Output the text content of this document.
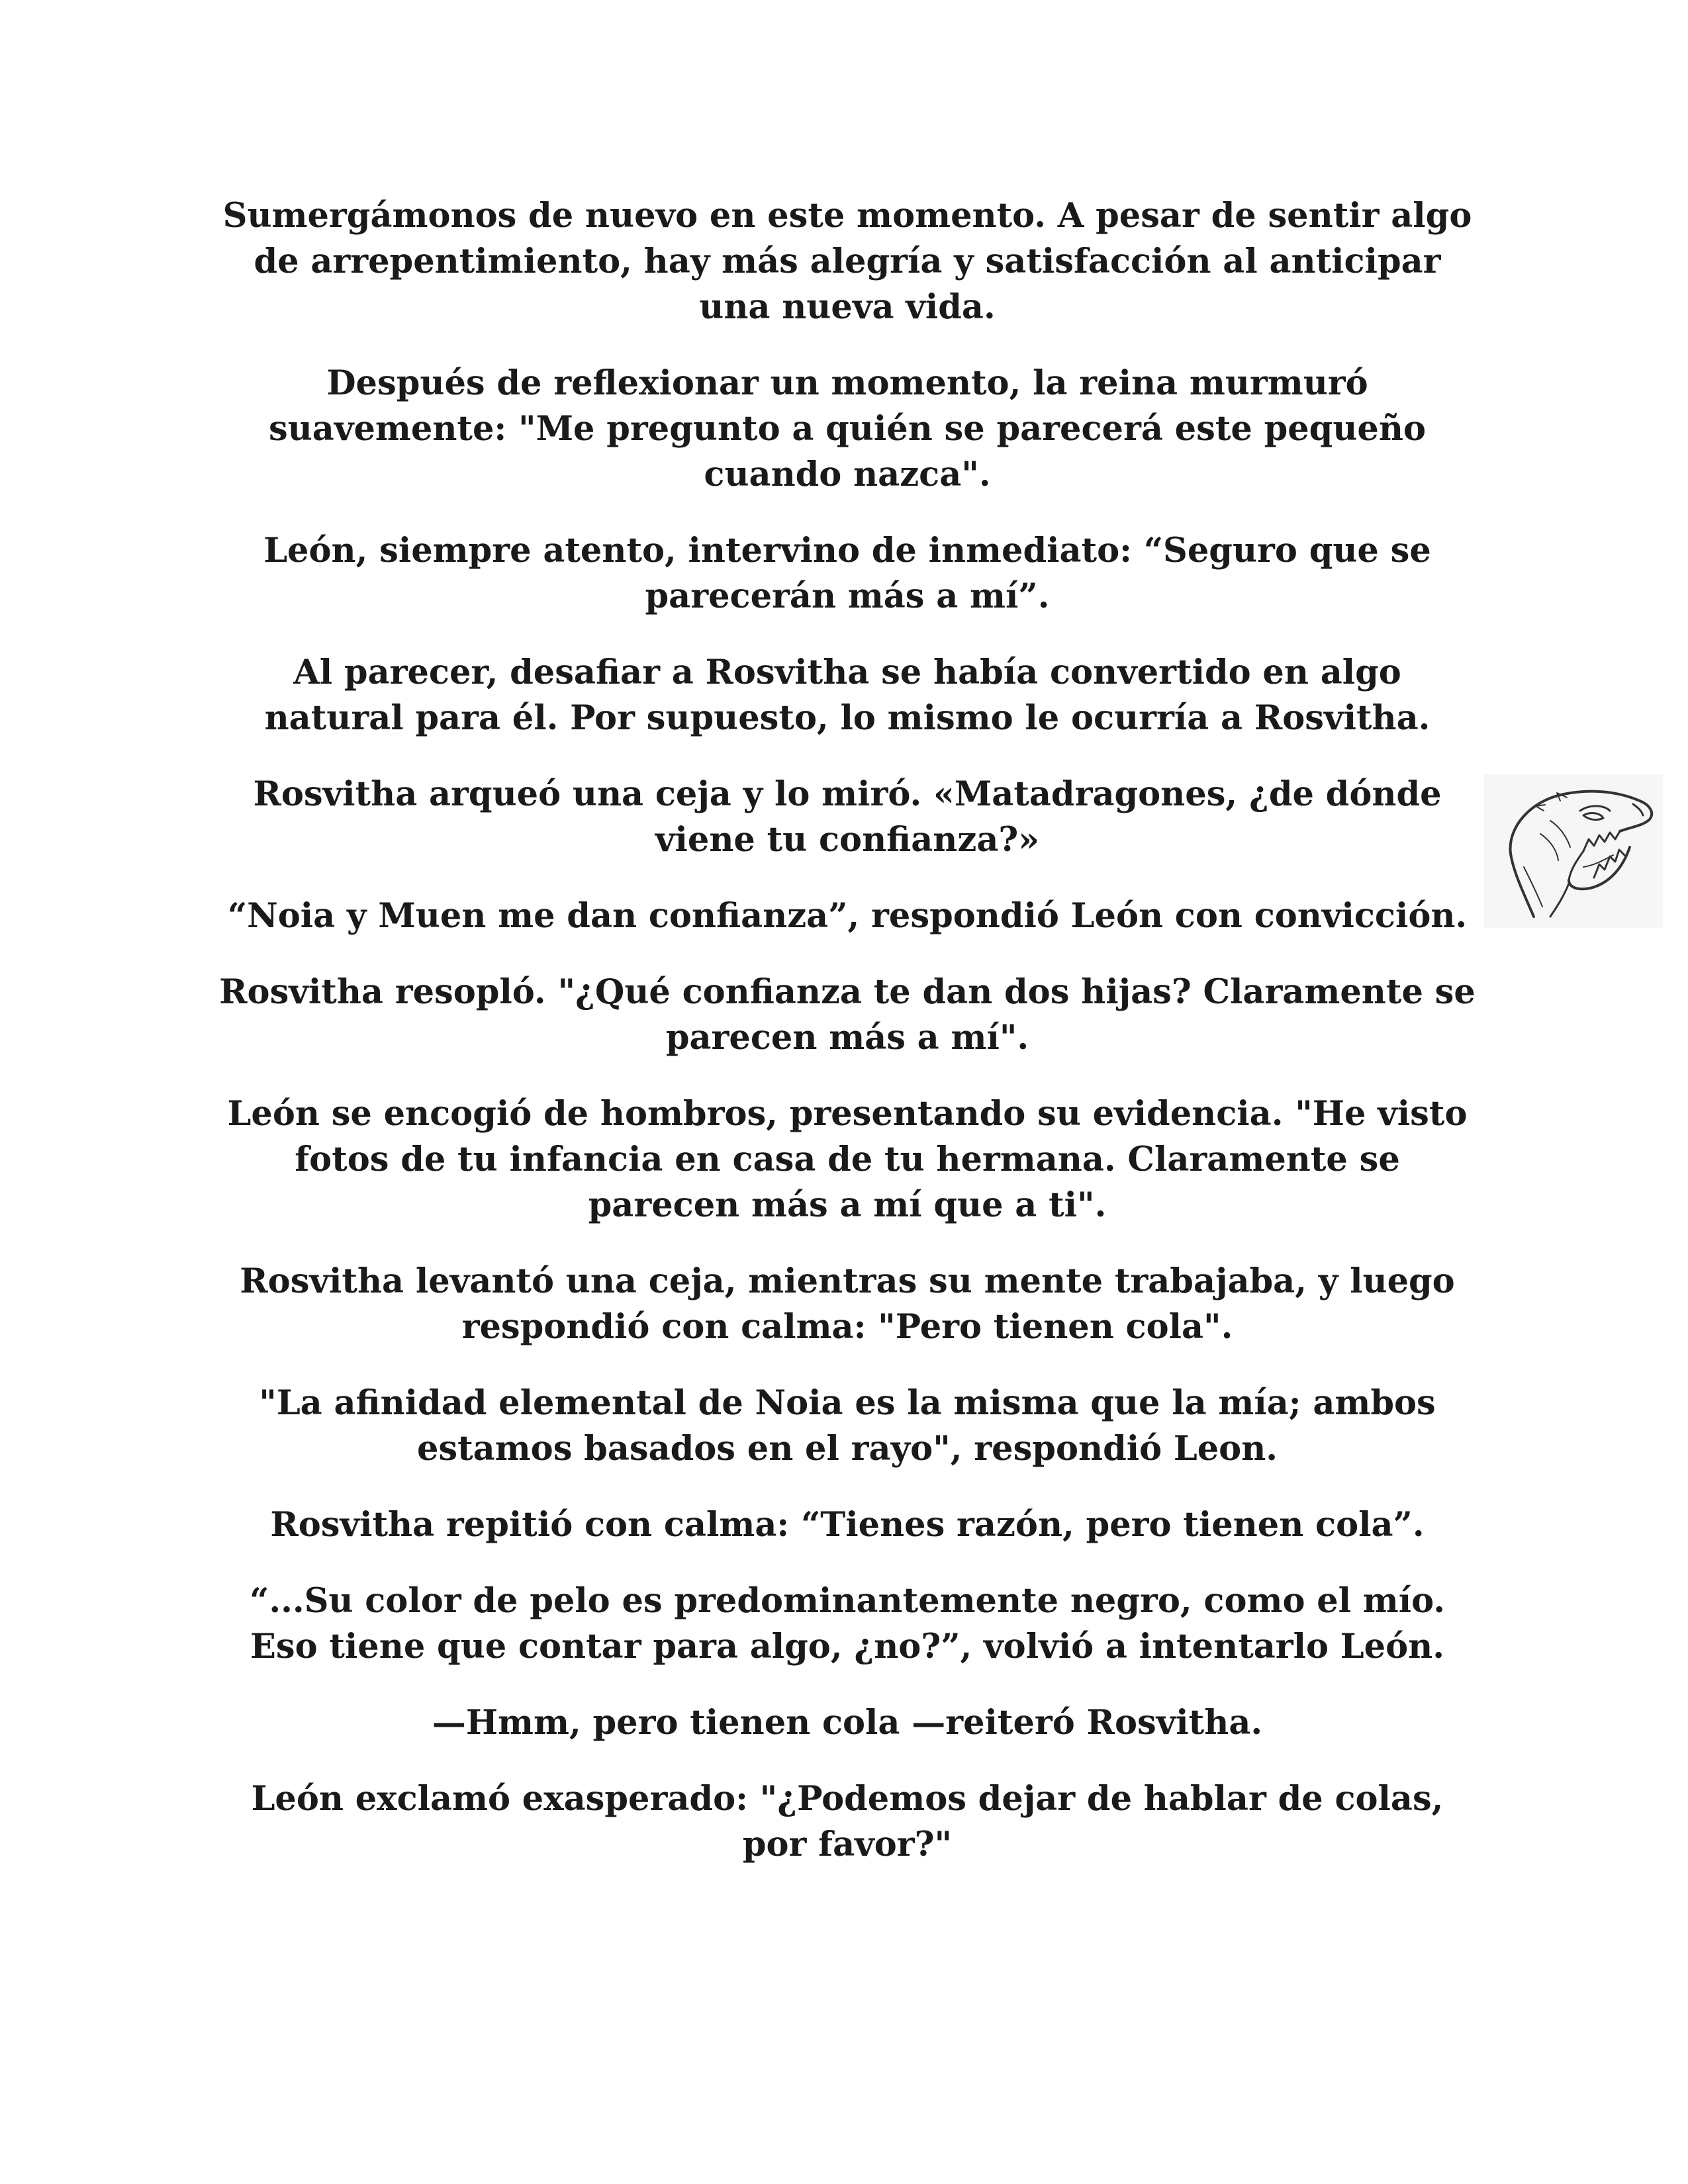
Sumergámonos de nuevo en este momento. A pesar de sentir algo de arrepentimiento, hay más alegría y satisfacción al anticipar una nueva vida.

Después de reflexionar un momento, la reina murmuró suavemente: "Me pregunto a quién se parecerá este pequeño cuando nazca".

León, siempre atento, intervino de inmediato: “Seguro que se parecerán más a mí”.

Al parecer, desafiar a Rosvitha se había convertido en algo natural para él. Por supuesto, lo mismo le ocurría a Rosvitha.

Rosvitha arqueó una ceja y lo miró. «Matadragones, ¿de dónde viene tu confianza?»

“Noia y Muen me dan confianza”, respondió León con convicción.

Rosvitha resopló. "¿Qué confianza te dan dos hijas? Claramente se parecen más a mí".

León se encogió de hombros, presentando su evidencia. "He visto fotos de tu infancia en casa de tu hermana. Claramente se parecen más a mí que a ti".

Rosvitha levantó una ceja, mientras su mente trabajaba, y luego respondió con calma: "Pero tienen cola".

"La afinidad elemental de Noia es la misma que la mía; ambos estamos basados en el rayo", respondió Leon.

Rosvitha repitió con calma: “Tienes razón, pero tienen cola”.

“...Su color de pelo es predominantemente negro, como el mío. Eso tiene que contar para algo, ¿no?”, volvió a intentarlo León.

—Hmm, pero tienen cola —reiteró Rosvitha.

León exclamó exasperado: "¿Podemos dejar de hablar de colas, por favor?"
